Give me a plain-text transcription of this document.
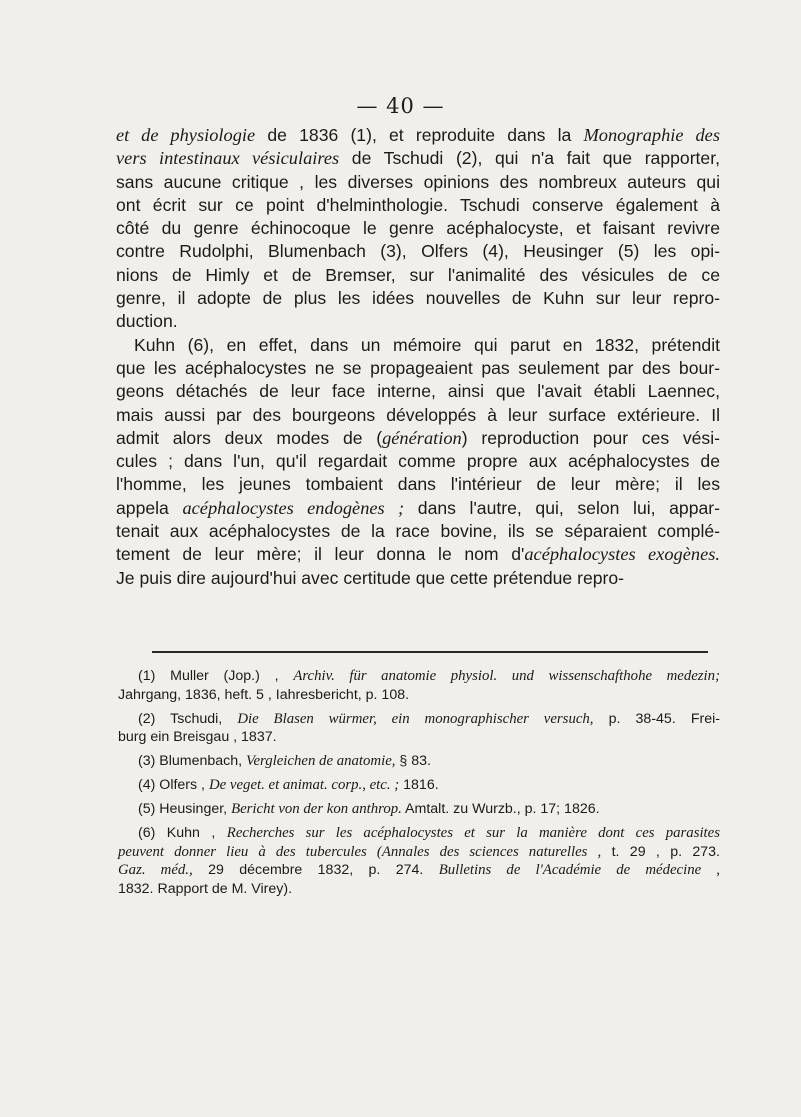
— 40 —
et de physiologie de 1836 (1), et reproduite dans la Monographie des
vers intestinaux vésiculaires de Tschudi (2), qui n'a fait que rapporter,
sans aucune critique , les diverses opinions des nombreux auteurs qui
ont écrit sur ce point d'helminthologie. Tschudi conserve également à
côté du genre échinocoque le genre acéphalocyste, et faisant revivre
contre Rudolphi, Blumenbach (3), Olfers (4), Heusinger (5) les opi-
nions de Himly et de Bremser, sur l'animalité des vésicules de ce
genre, il adopte de plus les idées nouvelles de Kuhn sur leur repro-
duction.
Kuhn (6), en effet, dans un mémoire qui parut en 1832, prétendit
que les acéphalocystes ne se propageaient pas seulement par des bour-
geons détachés de leur face interne, ainsi que l'avait établi Laennec,
mais aussi par des bourgeons développés à leur surface extérieure. Il
admit alors deux modes de (génération) reproduction pour ces vési-
cules ; dans l'un, qu'il regardait comme propre aux acéphalocystes de
l'homme, les jeunes tombaient dans l'intérieur de leur mère; il les
appela acéphalocystes endogènes ; dans l'autre, qui, selon lui, appar-
tenait aux acéphalocystes de la race bovine, ils se séparaient complé-
tement de leur mère; il leur donna le nom d'acéphalocystes exogènes.
Je puis dire aujourd'hui avec certitude que cette prétendue repro-
(1) Muller (Jop.) , Archiv. für anatomie physiol. und wissenschafthohe medezin;
Jahrgang, 1836, heft. 5 , Iahresbericht, p. 108.
(2) Tschudi, Die Blasen würmer, ein monographischer versuch, p. 38-45. Frei-
burg ein Breisgau , 1837.
(3) Blumenbach, Vergleichen de anatomie, § 83.
(4) Olfers , De veget. et animat. corp., etc. ; 1816.
(5) Heusinger, Bericht von der kon anthrop. Amtalt. zu Wurzb., p. 17; 1826.
(6) Kuhn , Recherches sur les acéphalocystes et sur la manière dont ces parasites
peuvent donner lieu à des tubercules (Annales des sciences naturelles , t. 29 , p. 273.
Gaz. méd., 29 décembre 1832, p. 274. Bulletins de l'Académie de médecine ,
1832. Rapport de M. Virey).
